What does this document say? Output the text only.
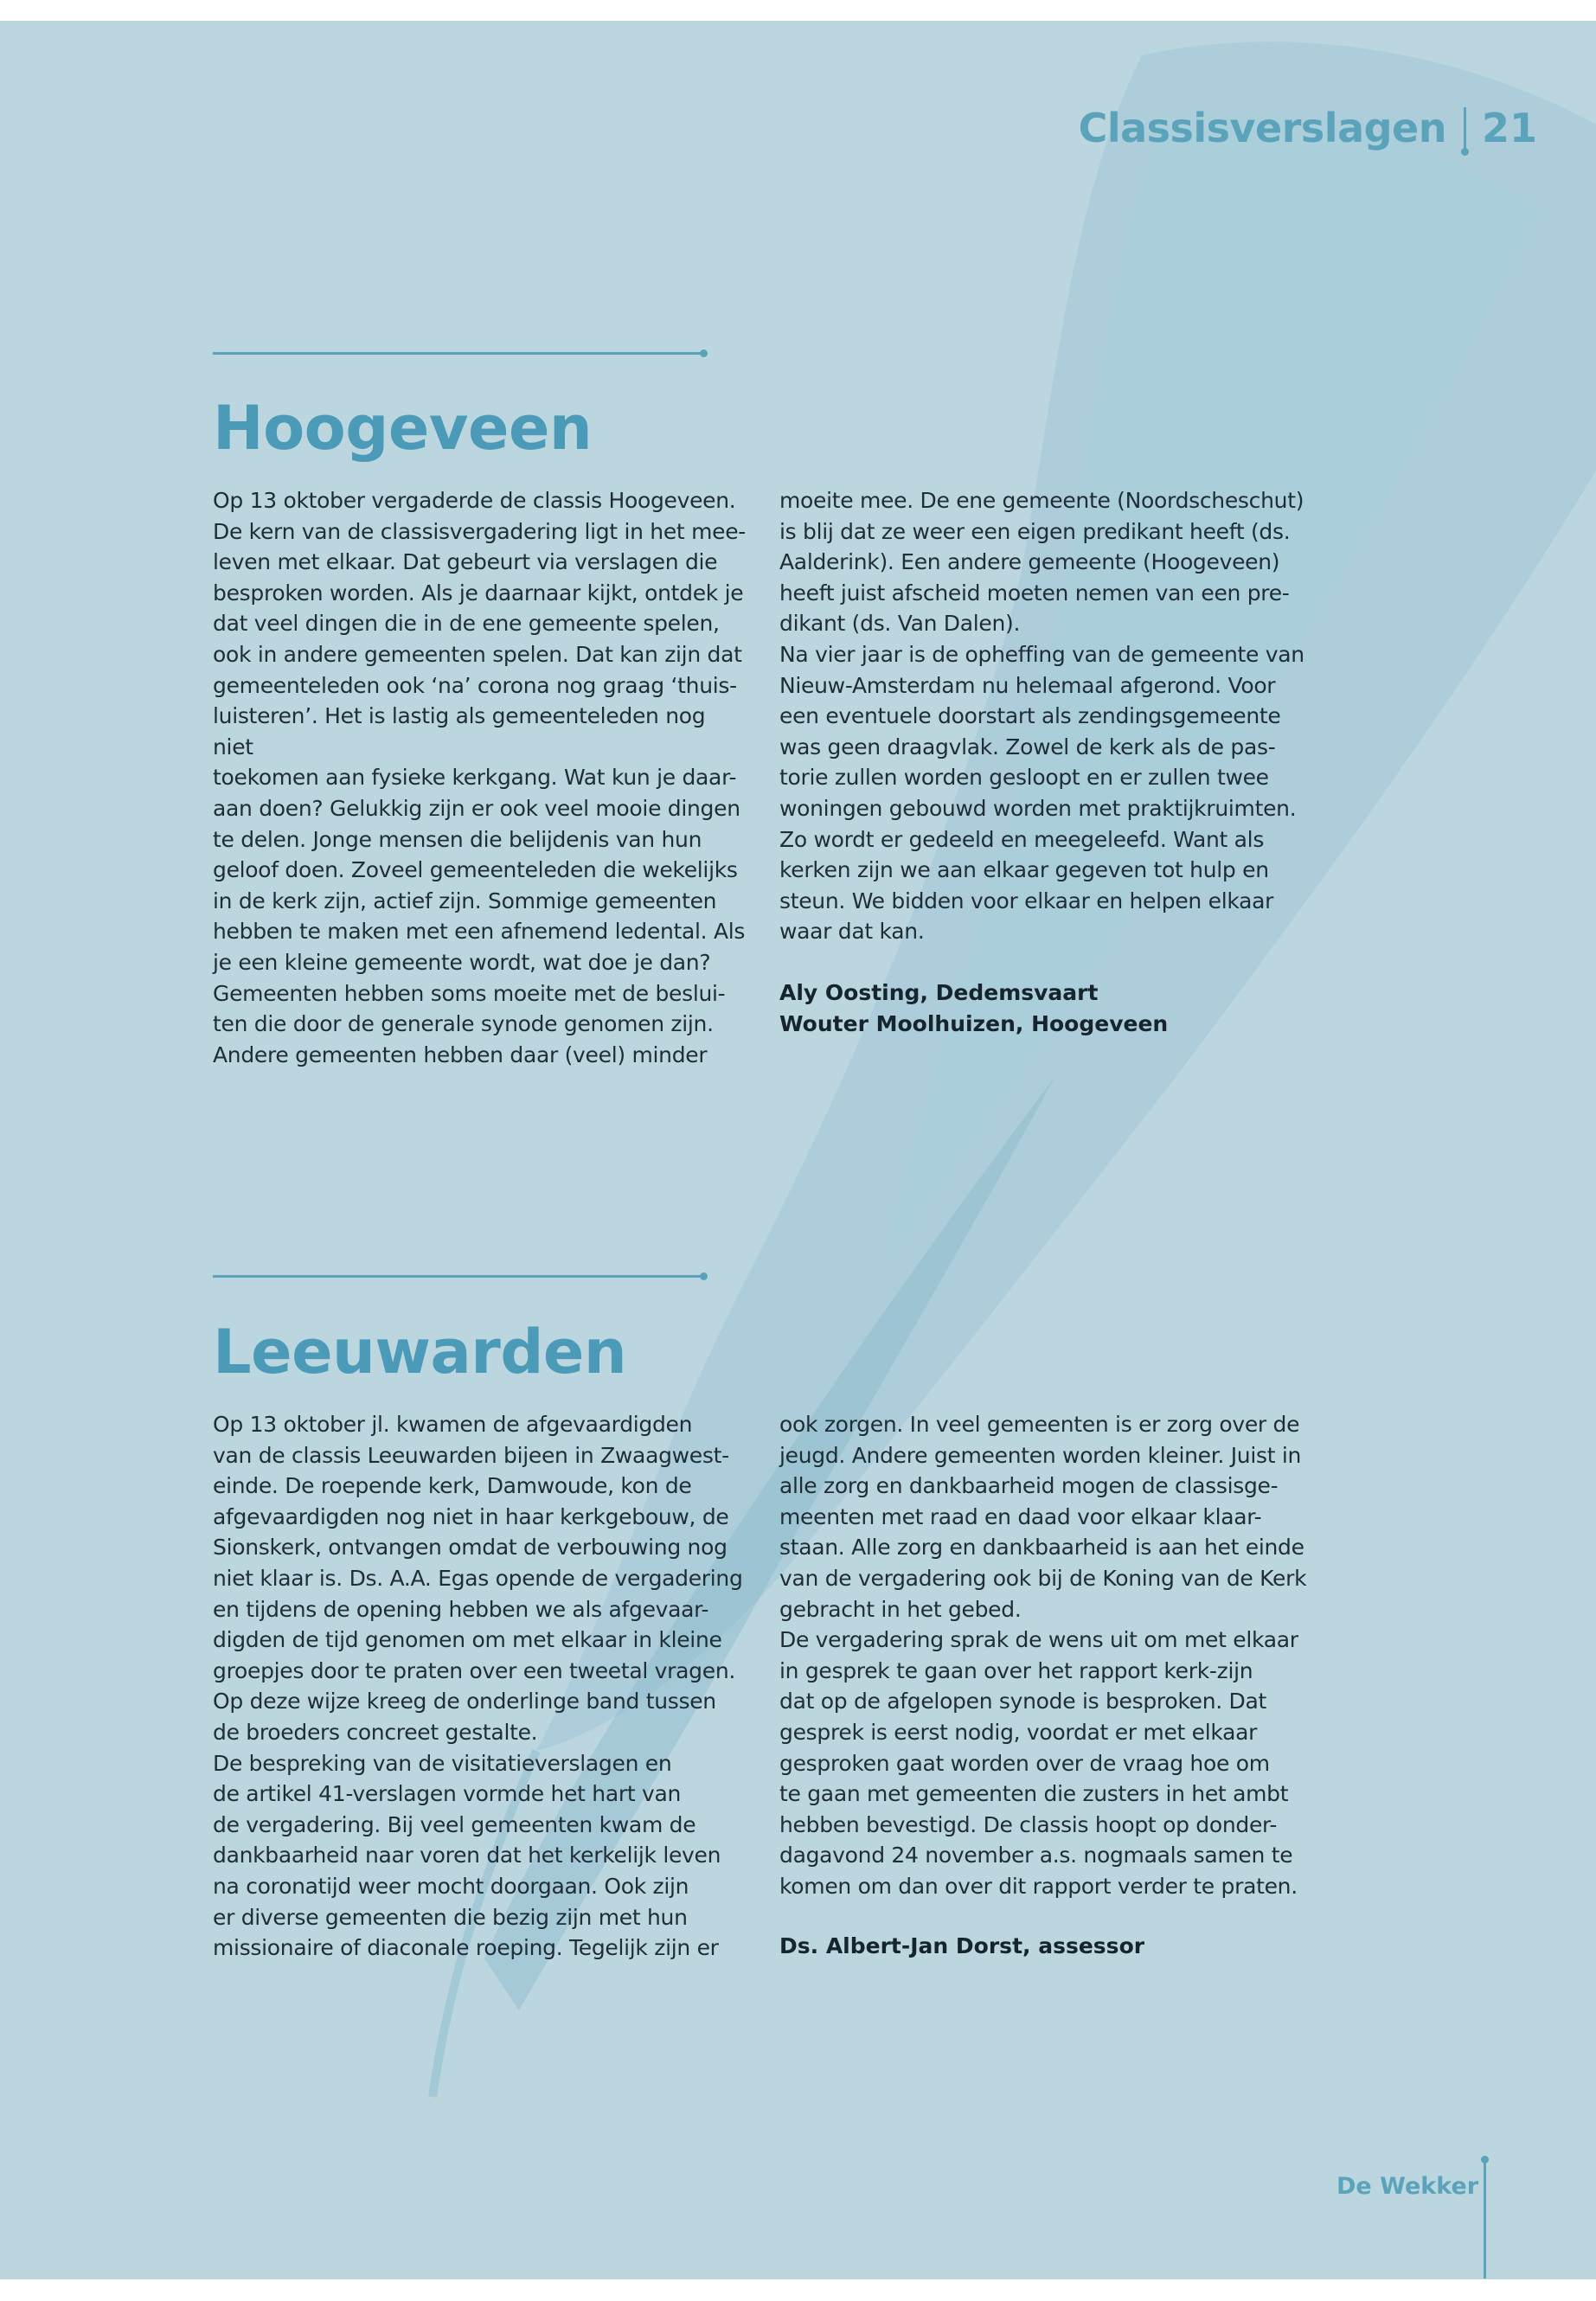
Classisverslagen 21
Hoogeveen
Op 13 oktober vergaderde de classis Hoogeveen.
De kern van de classisvergadering ligt in het mee-
leven met elkaar. Dat gebeurt via verslagen die
besproken worden. Als je daarnaar kijkt, ontdek je
dat veel dingen die in de ene gemeente spelen,
ook in andere gemeenten spelen. Dat kan zijn dat
gemeenteleden ook ‘na’ corona nog graag ‘thuis-
luisteren’. Het is lastig als gemeenteleden nog niet
toekomen aan fysieke kerkgang. Wat kun je daar-
aan doen? Gelukkig zijn er ook veel mooie dingen
te delen. Jonge mensen die belijdenis van hun
geloof doen. Zoveel gemeenteleden die wekelijks
in de kerk zijn, actief zijn. Sommige gemeenten
hebben te maken met een afnemend ledental. Als
je een kleine gemeente wordt, wat doe je dan?
Gemeenten hebben soms moeite met de beslui-
ten die door de generale synode genomen zijn.
Andere gemeenten hebben daar (veel) minder
moeite mee. De ene gemeente (Noordscheschut)
is blij dat ze weer een eigen predikant heeft (ds.
Aalderink). Een andere gemeente (Hoogeveen)
heeft juist afscheid moeten nemen van een pre-
dikant (ds. Van Dalen).
Na vier jaar is de opheffing van de gemeente van
Nieuw-Amsterdam nu helemaal afgerond. Voor
een eventuele doorstart als zendingsgemeente
was geen draagvlak. Zowel de kerk als de pas-
torie zullen worden gesloopt en er zullen twee
woningen gebouwd worden met praktijkruimten.
Zo wordt er gedeeld en meegeleefd. Want als
kerken zijn we aan elkaar gegeven tot hulp en
steun. We bidden voor elkaar en helpen elkaar
waar dat kan.
Aly Oosting, Dedemsvaart
Wouter Moolhuizen, Hoogeveen
Leeuwarden
Op 13 oktober jl. kwamen de afgevaardigden
van de classis Leeuwarden bijeen in Zwaagwest-
einde. De roepende kerk, Damwoude, kon de
afgevaardigden nog niet in haar kerkgebouw, de
Sionskerk, ontvangen omdat de verbouwing nog
niet klaar is. Ds. A.A. Egas opende de vergadering
en tijdens de opening hebben we als afgevaar-
digden de tijd genomen om met elkaar in kleine
groepjes door te praten over een tweetal vragen.
Op deze wijze kreeg de onderlinge band tussen
de broeders concreet gestalte.
De bespreking van de visitatieverslagen en
de artikel 41-verslagen vormde het hart van
de vergadering. Bij veel gemeenten kwam de
dankbaarheid naar voren dat het kerkelijk leven
na coronatijd weer mocht doorgaan. Ook zijn
er diverse gemeenten die bezig zijn met hun
missionaire of diaconale roeping. Tegelijk zijn er
ook zorgen. In veel gemeenten is er zorg over de
jeugd. Andere gemeenten worden kleiner. Juist in
alle zorg en dankbaarheid mogen de classisge-
meenten met raad en daad voor elkaar klaar-
staan. Alle zorg en dankbaarheid is aan het einde
van de vergadering ook bij de Koning van de Kerk
gebracht in het gebed.
De vergadering sprak de wens uit om met elkaar
in gesprek te gaan over het rapport kerk-zijn
dat op de afgelopen synode is besproken. Dat
gesprek is eerst nodig, voordat er met elkaar
gesproken gaat worden over de vraag hoe om
te gaan met gemeenten die zusters in het ambt
hebben bevestigd. De classis hoopt op donder-
dagavond 24 november a.s. nogmaals samen te
komen om dan over dit rapport verder te praten.
Ds. Albert-Jan Dorst, assessor
De Wekker
